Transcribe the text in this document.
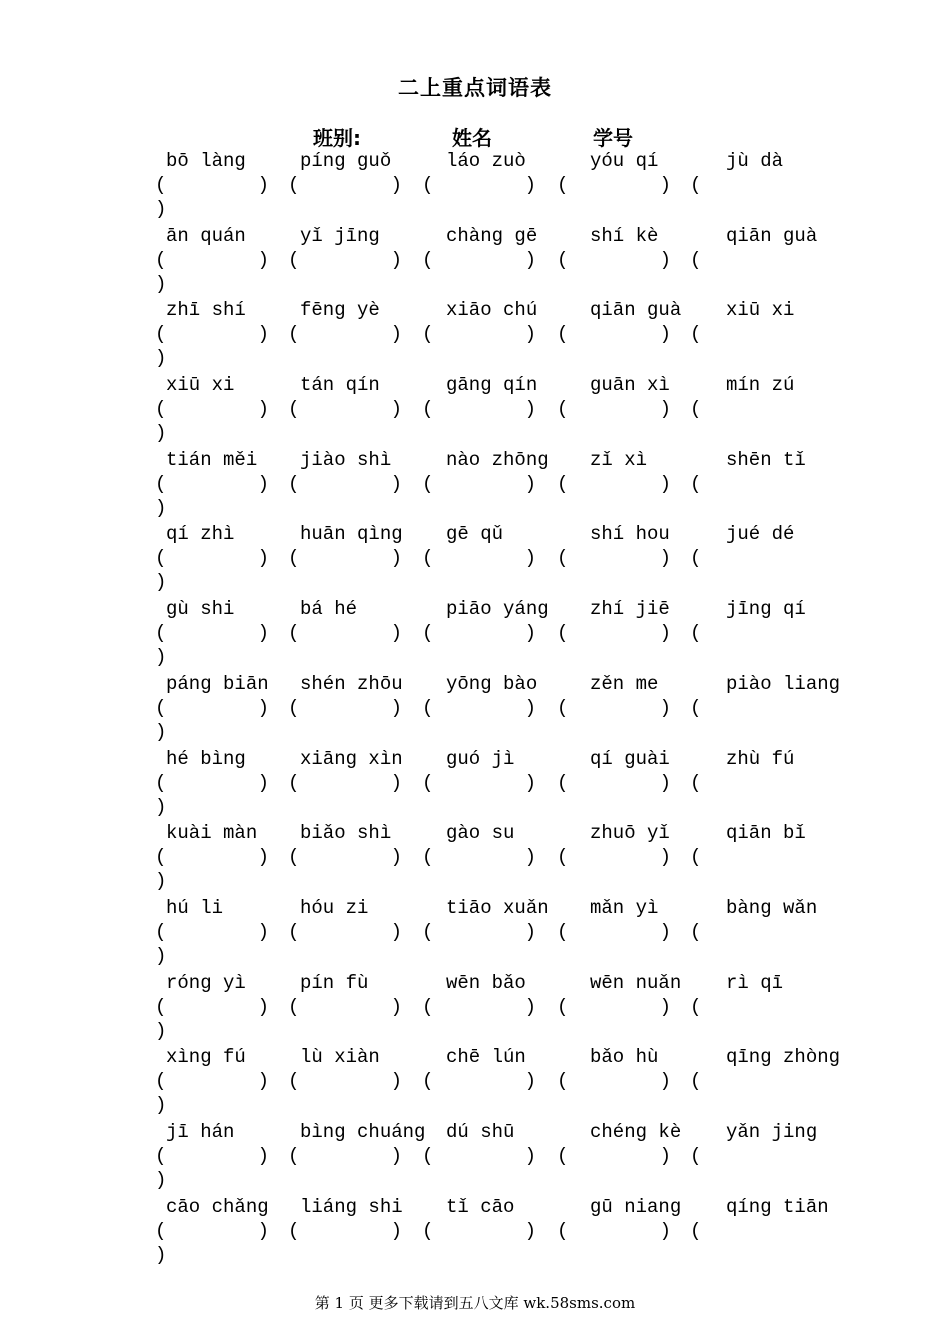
二上重点词语表
班别:	姓名	学号
bō làng
(        )
píng guǒ
(        )
láo zuò
(        )
yóu qí
(        )
jù dà
(
)
ān quán
(        )
yǐ jīng
(        )
chàng gē
(        )
shí kè
(        )
qiān guà
(
)
zhī shí
(        )
fēng yè
(        )
xiāo chú
(        )
qiān guà
(        )
xiū xi
(
)
xiū xi
(        )
tán qín
(        )
gāng qín
(        )
guān xì
(        )
mín zú
(
)
tián měi
(        )
jiào shì
(        )
nào zhōng
(        )
zǐ xì
(        )
shēn tǐ
(
)
qí zhì
(        )
huān qìng
(        )
gē qǔ
(        )
shí hou
(        )
jué dé
(
)
gù shi
(        )
bá hé
(        )
piāo yáng
(        )
zhí jiē
(        )
jīng qí
(
)
páng biān
(        )
shén zhōu
(        )
yōng bào
(        )
zěn me
(        )
piào liang
(
)
hé bìng
(        )
xiāng xìn
(        )
guó jì
(        )
qí guài
(        )
zhù fú
(
)
kuài màn
(        )
biǎo shì
(        )
gào su
(        )
zhuō yǐ
(        )
qiān bǐ
(
)
hú li
(        )
hóu zi
(        )
tiāo xuǎn
(        )
mǎn yì
(        )
bàng wǎn
(
)
róng yì
(        )
pín fù
(        )
wēn bǎo
(        )
wēn nuǎn
(        )
rì qī
(
)
xìng fú
(        )
lù xiàn
(        )
chē lún
(        )
bǎo hù
(        )
qīng zhòng
(
)
jī hán
(        )
bìng chuáng
(        )
dú shū
(        )
chéng kè
(        )
yǎn jing
(
)
cāo chǎng
(        )
liáng shi
(        )
tǐ cāo
(        )
gū niang
(        )
qíng tiān
(
)
第 1 页 更多下载请到五八文库 wk.58sms.com
